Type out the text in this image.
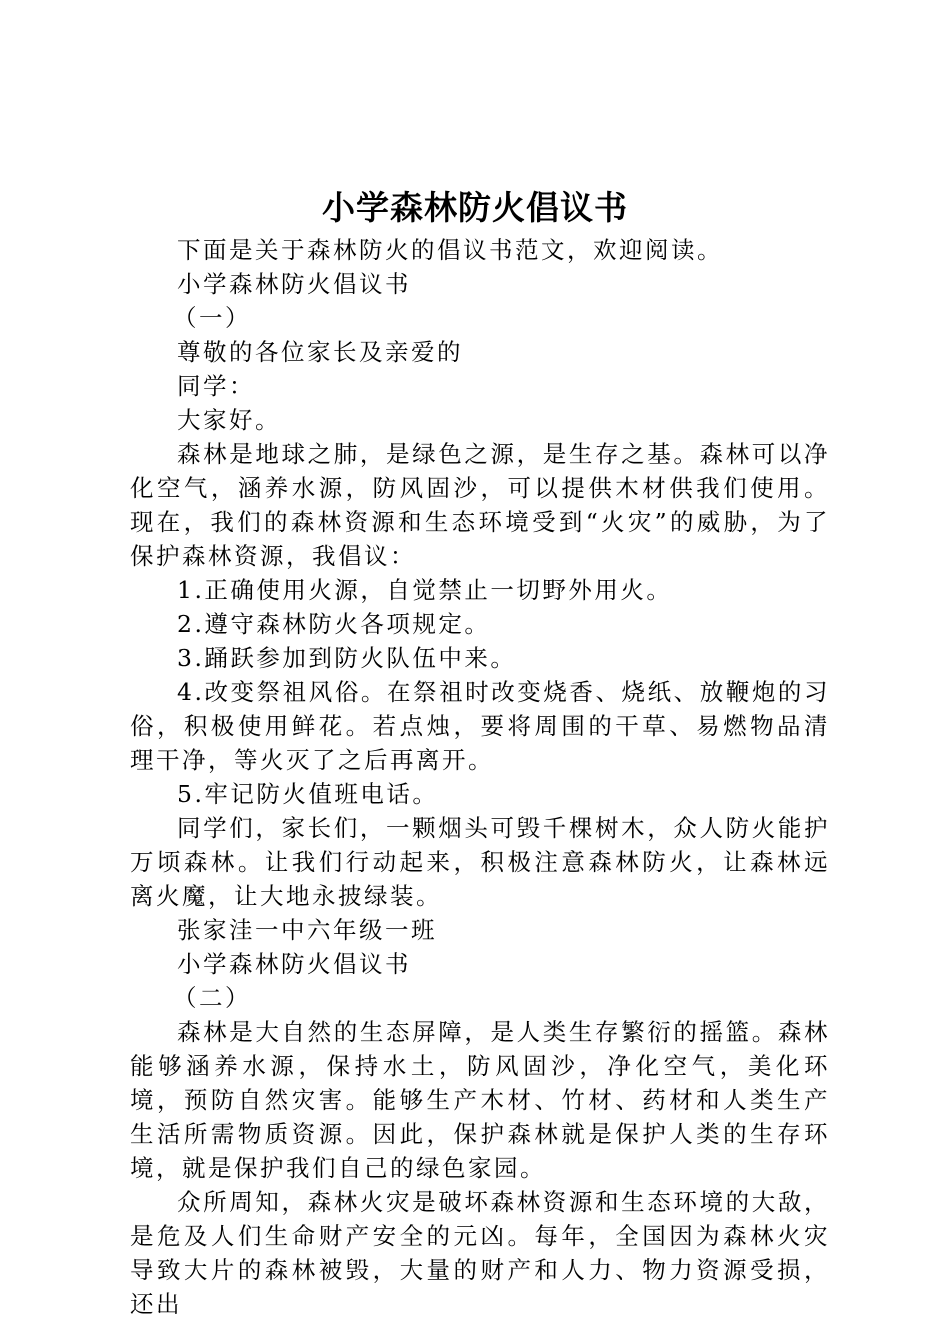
小学森林防火倡议书

下面是关于森林防火的倡议书范文，欢迎阅读。

小学森林防火倡议书

（一）

尊敬的各位家长及亲爱的

同学：

大家好。

森林是地球之肺，是绿色之源，是生存之基。森林可以净化空气，涵养水源，防风固沙，可以提供木材供我们使用。现在，我们的森林资源和生态环境受到“火灾”的威胁，为了保护森林资源，我倡议：

1.正确使用火源，自觉禁止一切野外用火。

2.遵守森林防火各项规定。

3.踊跃参加到防火队伍中来。

4.改变祭祖风俗。在祭祖时改变烧香、烧纸、放鞭炮的习俗，积极使用鲜花。若点烛，要将周围的干草、易燃物品清理干净，等火灭了之后再离开。

5.牢记防火值班电话。

同学们，家长们，一颗烟头可毁千棵树木，众人防火能护万顷森林。让我们行动起来，积极注意森林防火，让森林远离火魔，让大地永披绿装。

张家洼一中六年级一班

小学森林防火倡议书

（二）

森林是大自然的生态屏障，是人类生存繁衍的摇篮。森林能够涵养水源，保持水土，防风固沙，净化空气，美化环境，预防自然灾害。能够生产木材、竹材、药材和人类生产生活所需物质资源。因此，保护森林就是保护人类的生存环境，就是保护我们自己的绿色家园。

众所周知，森林火灾是破坏森林资源和生态环境的大敌，是危及人们生命财产安全的元凶。每年，全国因为森林火灾导致大片的森林被毁，大量的财产和人力、物力资源受损，还出
